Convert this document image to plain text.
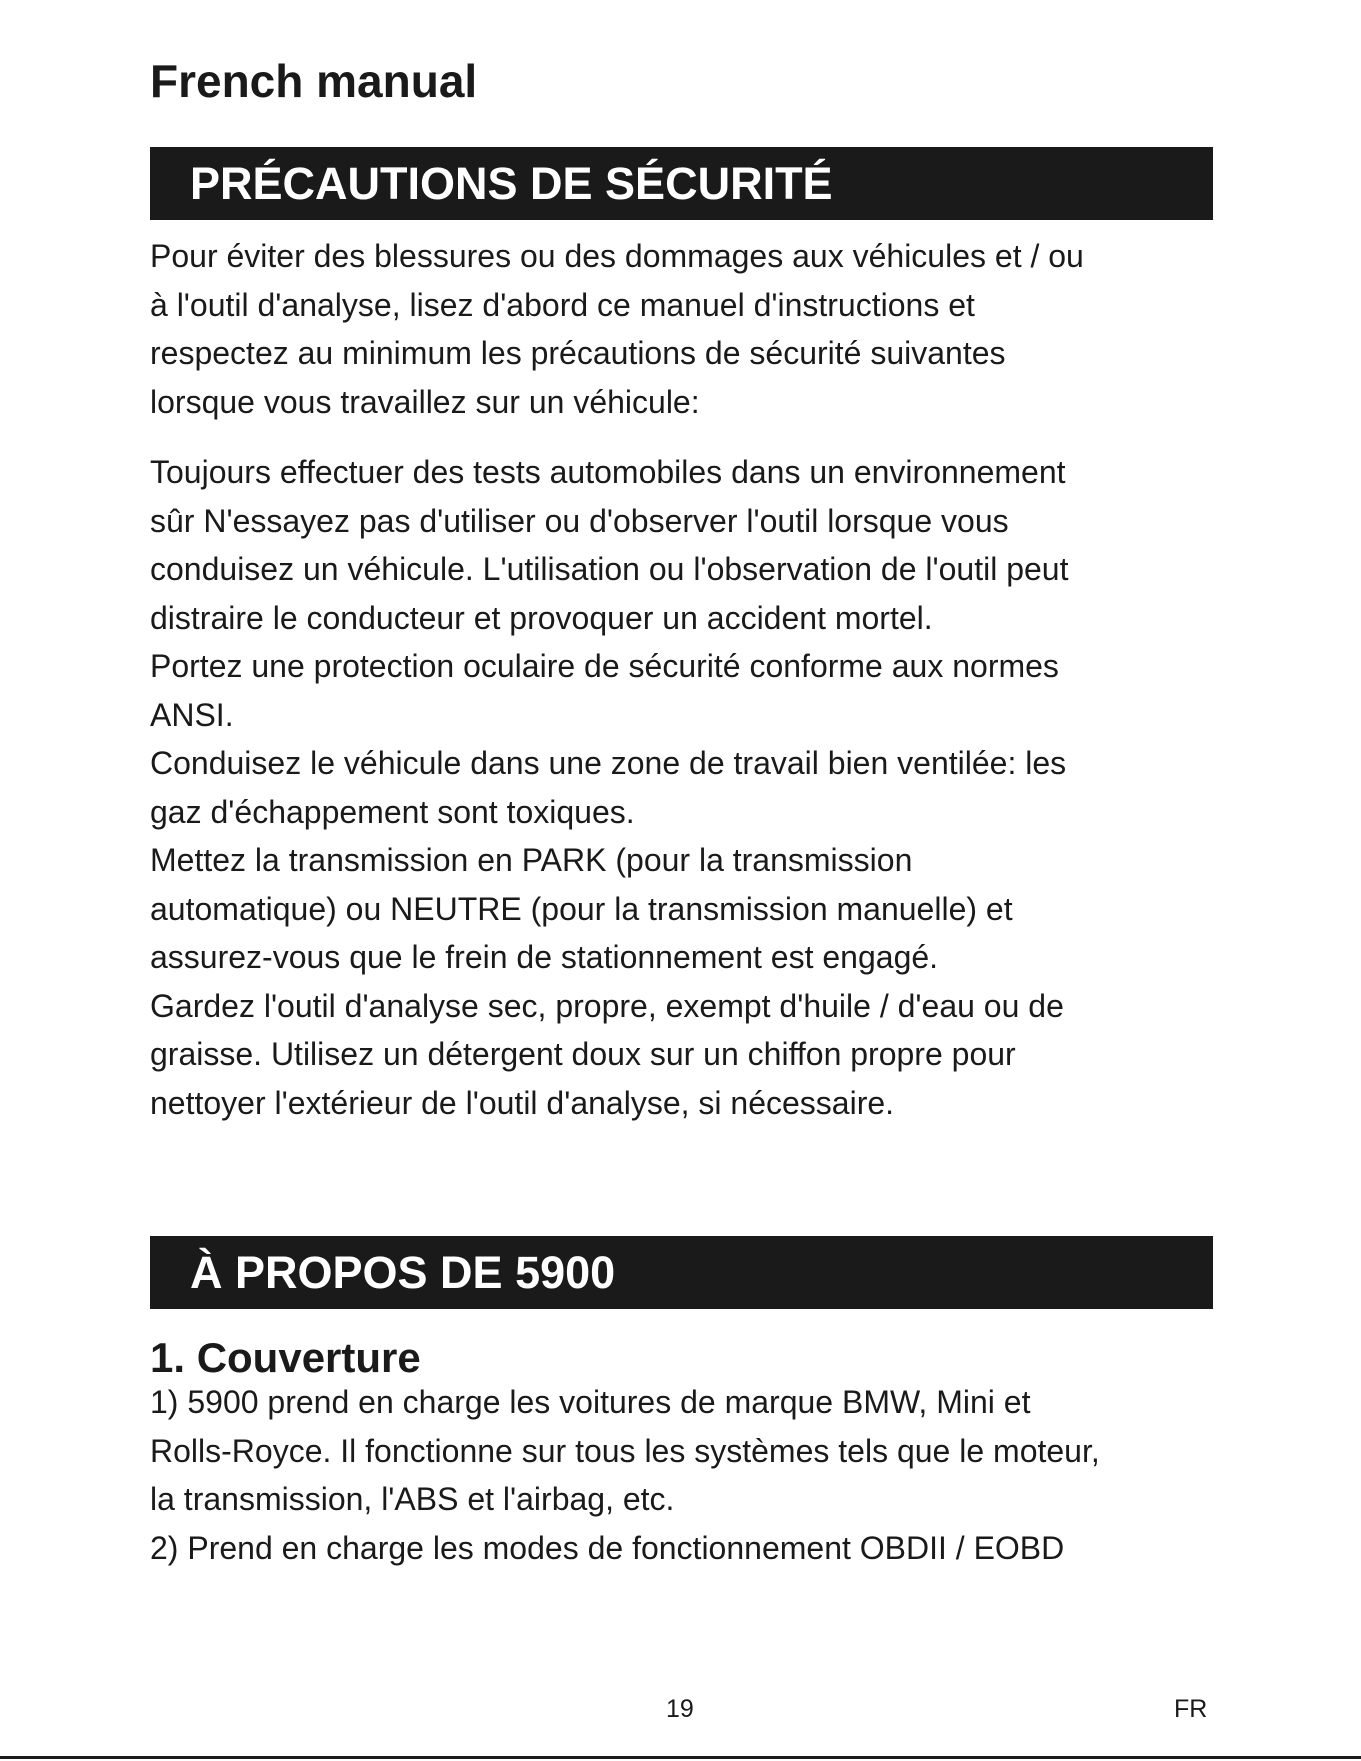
French manual
PRÉCAUTIONS DE SÉCURITÉ

Pour éviter des blessures ou des dommages aux véhicules et / ou
à l'outil d'analyse, lisez d'abord ce manuel d'instructions et
respectez au minimum les précautions de sécurité suivantes
lorsque vous travaillez sur un véhicule:

Toujours effectuer des tests automobiles dans un environnement
sûr N'essayez pas d'utiliser ou d'observer l'outil lorsque vous
conduisez un véhicule. L'utilisation ou l'observation de l'outil peut
distraire le conducteur et provoquer un accident mortel.
Portez une protection oculaire de sécurité conforme aux normes
ANSI.
Conduisez le véhicule dans une zone de travail bien ventilée: les
gaz d'échappement sont toxiques.
Mettez la transmission en PARK (pour la transmission
automatique) ou NEUTRE (pour la transmission manuelle) et
assurez-vous que le frein de stationnement est engagé.
Gardez l'outil d'analyse sec, propre, exempt d'huile / d'eau ou de
graisse. Utilisez un détergent doux sur un chiffon propre pour
nettoyer l'extérieur de l'outil d'analyse, si nécessaire.

À PROPOS DE 5900
1. Couverture

1) 5900 prend en charge les voitures de marque BMW, Mini et
Rolls-Royce. Il fonctionne sur tous les systèmes tels que le moteur,
la transmission, l'ABS et l'airbag, etc.
2) Prend en charge les modes de fonctionnement OBDII / EOBD

19	FR
